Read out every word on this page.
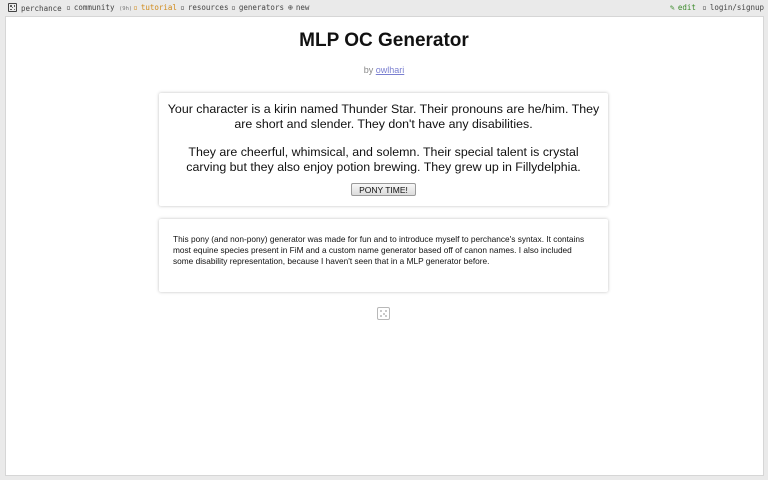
perchance ▫ community (9h) ▫ tutorial ▫ resources ▫ generators ⊕ new	✎ edit ▫ login/signup
MLP OC Generator
by owlhari
Your character is a kirin named Thunder Star. Their pronouns are he/him. They are short and slender. They don't have any disabilities.
They are cheerful, whimsical, and solemn. Their special talent is crystal carving but they also enjoy potion brewing. They grew up in Fillydelphia.
PONY TIME!
This pony (and non-pony) generator was made for fun and to introduce myself to perchance's syntax. It contains most equine species present in FiM and a custom name generator based off of canon names. I also included some disability representation, because I haven't seen that in a MLP generator before.
